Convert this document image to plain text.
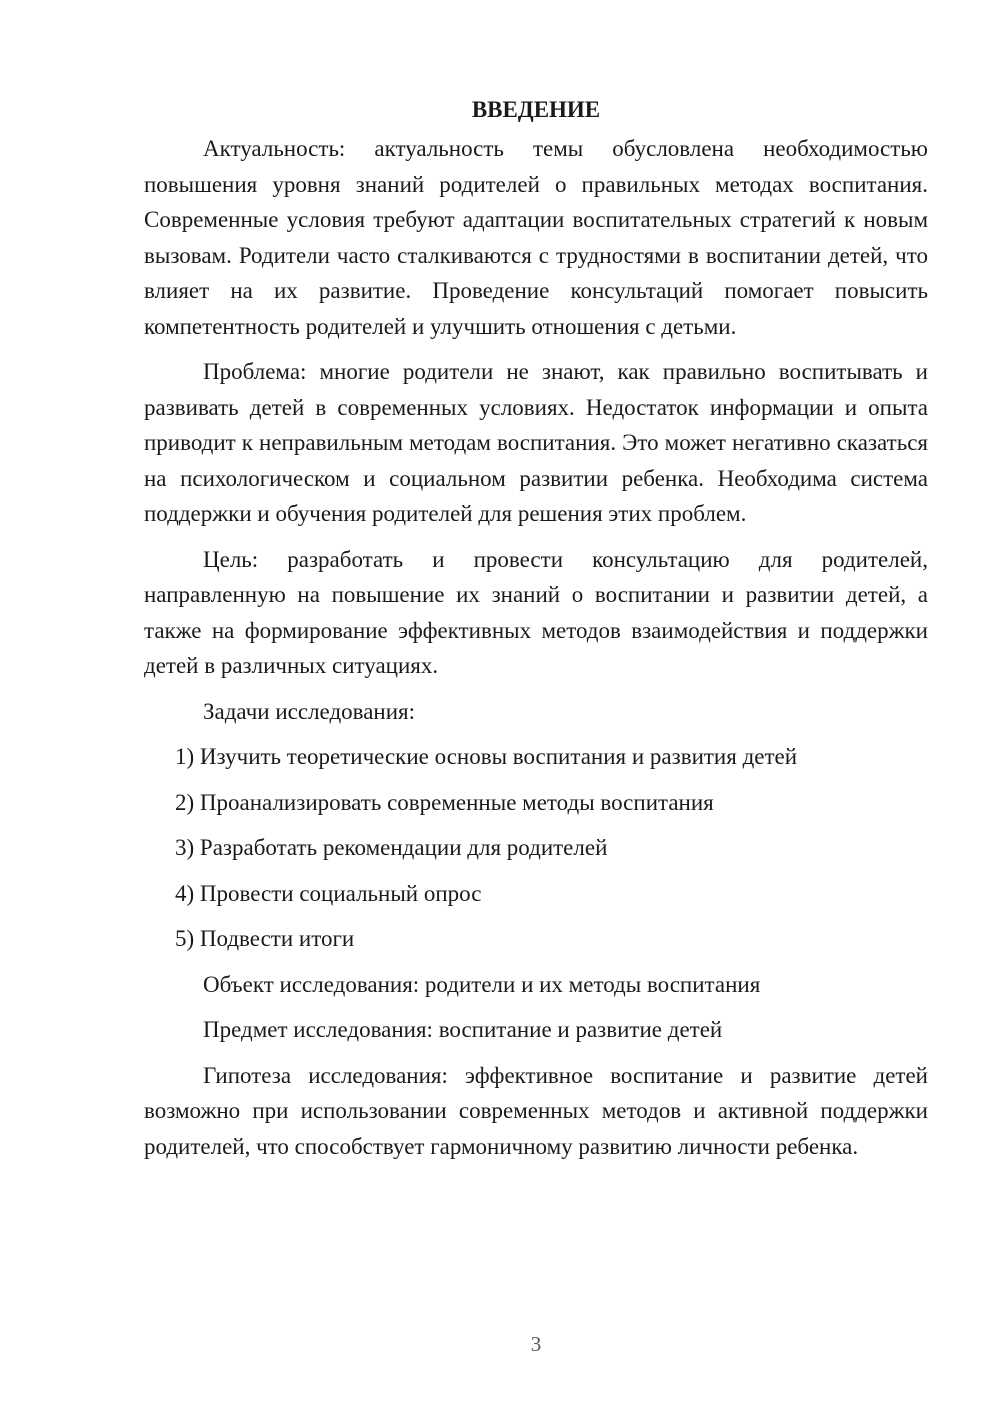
ВВЕДЕНИЕ

Актуальность: актуальность темы обусловлена необходимостью повышения уровня знаний родителей о правильных методах воспитания. Современные условия требуют адаптации воспитательных стратегий к новым вызовам. Родители часто сталкиваются с трудностями в воспитании детей, что влияет на их развитие. Проведение консультаций помогает повысить компетентность родителей и улучшить отношения с детьми.

Проблема: многие родители не знают, как правильно воспитывать и развивать детей в современных условиях. Недостаток информации и опыта приводит к неправильным методам воспитания. Это может негативно сказаться на психологическом и социальном развитии ребенка. Необходима система поддержки и обучения родителей для решения этих проблем.

Цель: разработать и провести консультацию для родителей, направленную на повышение их знаний о воспитании и развитии детей, а также на формирование эффективных методов взаимодействия и поддержки детей в различных ситуациях.

Задачи исследования:

1) Изучить теоретические основы воспитания и развития детей

2) Проанализировать современные методы воспитания

3) Разработать рекомендации для родителей

4) Провести социальный опрос

5) Подвести итоги

Объект исследования: родители и их методы воспитания

Предмет исследования: воспитание и развитие детей

Гипотеза исследования: эффективное воспитание и развитие детей возможно при использовании современных методов и активной поддержки родителей, что способствует гармоничному развитию личности ребенка.

3
